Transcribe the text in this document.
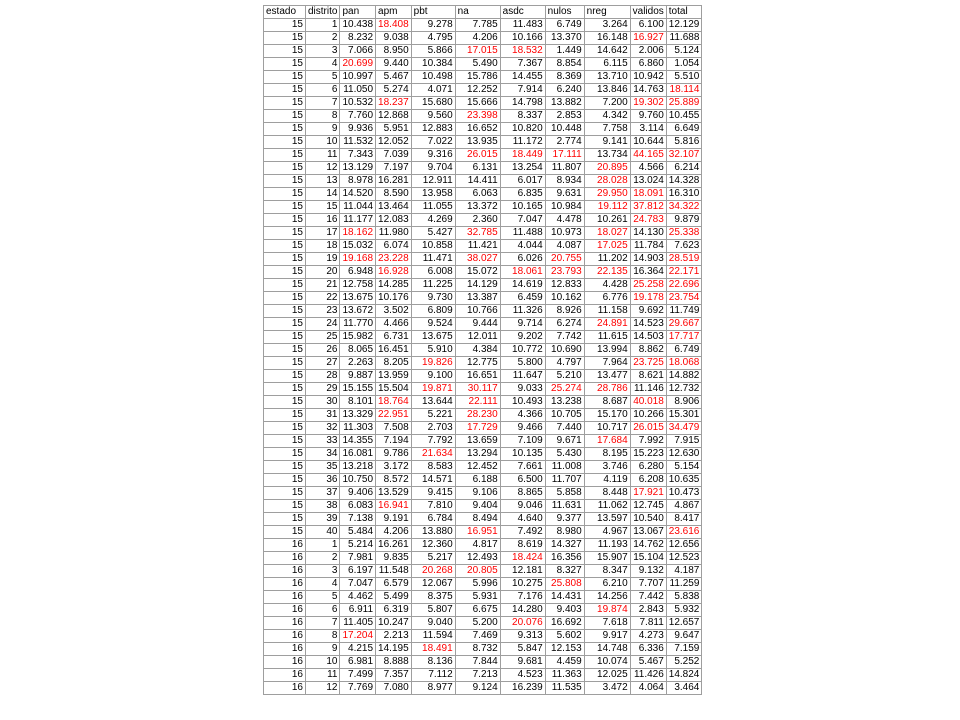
estado	distrito	pan	apm	pbt	na	asdc	nulos	nreg	validos	total
15	1	10.438	18.408	9.278	7.785	11.483	6.749	3.264	6.100	12.129
15	2	8.232	9.038	4.795	4.206	10.166	13.370	16.148	16.927	11.688
15	3	7.066	8.950	5.866	17.015	18.532	1.449	14.642	2.006	5.124
15	4	20.699	9.440	10.384	5.490	7.367	8.854	6.115	6.860	1.054
15	5	10.997	5.467	10.498	15.786	14.455	8.369	13.710	10.942	5.510
15	6	11.050	5.274	4.071	12.252	7.914	6.240	13.846	14.763	18.114
15	7	10.532	18.237	15.680	15.666	14.798	13.882	7.200	19.302	25.889
15	8	7.760	12.868	9.560	23.398	8.337	2.853	4.342	9.760	10.455
15	9	9.936	5.951	12.883	16.652	10.820	10.448	7.758	3.114	6.649
15	10	11.532	12.052	7.022	13.935	11.172	2.774	9.141	10.644	5.816
15	11	7.343	7.039	9.316	26.015	18.449	17.111	13.734	44.165	32.107
15	12	13.129	7.197	9.704	6.131	13.254	11.807	20.895	4.566	6.214
15	13	8.978	16.281	12.911	14.411	6.017	8.934	28.028	13.024	14.328
15	14	14.520	8.590	13.958	6.063	6.835	9.631	29.950	18.091	16.310
15	15	11.044	13.464	11.055	13.372	10.165	10.984	19.112	37.812	34.322
15	16	11.177	12.083	4.269	2.360	7.047	4.478	10.261	24.783	9.879
15	17	18.162	11.980	5.427	32.785	11.488	10.973	18.027	14.130	25.338
15	18	15.032	6.074	10.858	11.421	4.044	4.087	17.025	11.784	7.623
15	19	19.168	23.228	11.471	38.027	6.026	20.755	11.202	14.903	28.519
15	20	6.948	16.928	6.008	15.072	18.061	23.793	22.135	16.364	22.171
15	21	12.758	14.285	11.225	14.129	14.619	12.833	4.428	25.258	22.696
15	22	13.675	10.176	9.730	13.387	6.459	10.162	6.776	19.178	23.754
15	23	13.672	3.502	6.809	10.766	11.326	8.926	11.158	9.692	11.749
15	24	11.770	4.466	9.524	9.444	9.714	6.274	24.891	14.523	29.667
15	25	15.982	6.731	13.675	12.011	9.202	7.742	11.615	14.503	17.717
15	26	8.065	16.451	5.910	4.384	10.772	10.690	13.994	8.862	6.749
15	27	2.263	8.205	19.826	12.775	5.800	4.797	7.964	23.725	18.068
15	28	9.887	13.959	9.100	16.651	11.647	5.210	13.477	8.621	14.882
15	29	15.155	15.504	19.871	30.117	9.033	25.274	28.786	11.146	12.732
15	30	8.101	18.764	13.644	22.111	10.493	13.238	8.687	40.018	8.906
15	31	13.329	22.951	5.221	28.230	4.366	10.705	15.170	10.266	15.301
15	32	11.303	7.508	2.703	17.729	9.466	7.440	10.717	26.015	34.479
15	33	14.355	7.194	7.792	13.659	7.109	9.671	17.684	7.992	7.915
15	34	16.081	9.786	21.634	13.294	10.135	5.430	8.195	15.223	12.630
15	35	13.218	3.172	8.583	12.452	7.661	11.008	3.746	6.280	5.154
15	36	10.750	8.572	14.571	6.188	6.500	11.707	4.119	6.208	10.635
15	37	9.406	13.529	9.415	9.106	8.865	5.858	8.448	17.921	10.473
15	38	6.083	16.941	7.810	9.404	9.046	11.631	11.062	12.745	4.867
15	39	7.138	9.191	6.784	8.494	4.640	9.377	13.597	10.540	8.417
15	40	5.484	4.206	13.880	16.951	7.492	8.980	4.967	13.067	23.616
16	1	5.214	16.261	12.360	4.817	8.619	14.327	11.193	14.762	12.656
16	2	7.981	9.835	5.217	12.493	18.424	16.356	15.907	15.104	12.523
16	3	6.197	11.548	20.268	20.805	12.181	8.327	8.347	9.132	4.187
16	4	7.047	6.579	12.067	5.996	10.275	25.808	6.210	7.707	11.259
16	5	4.462	5.499	8.375	5.931	7.176	14.431	14.256	7.442	5.838
16	6	6.911	6.319	5.807	6.675	14.280	9.403	19.874	2.843	5.932
16	7	11.405	10.247	9.040	5.200	20.076	16.692	7.618	7.811	12.657
16	8	17.204	2.213	11.594	7.469	9.313	5.602	9.917	4.273	9.647
16	9	4.215	14.195	18.491	8.732	5.847	12.153	14.748	6.336	7.159
16	10	6.981	8.888	8.136	7.844	9.681	4.459	10.074	5.467	5.252
16	11	7.499	7.357	7.112	7.213	4.523	11.363	12.025	11.426	14.824
16	12	7.769	7.080	8.977	9.124	16.239	11.535	3.472	4.064	3.464
